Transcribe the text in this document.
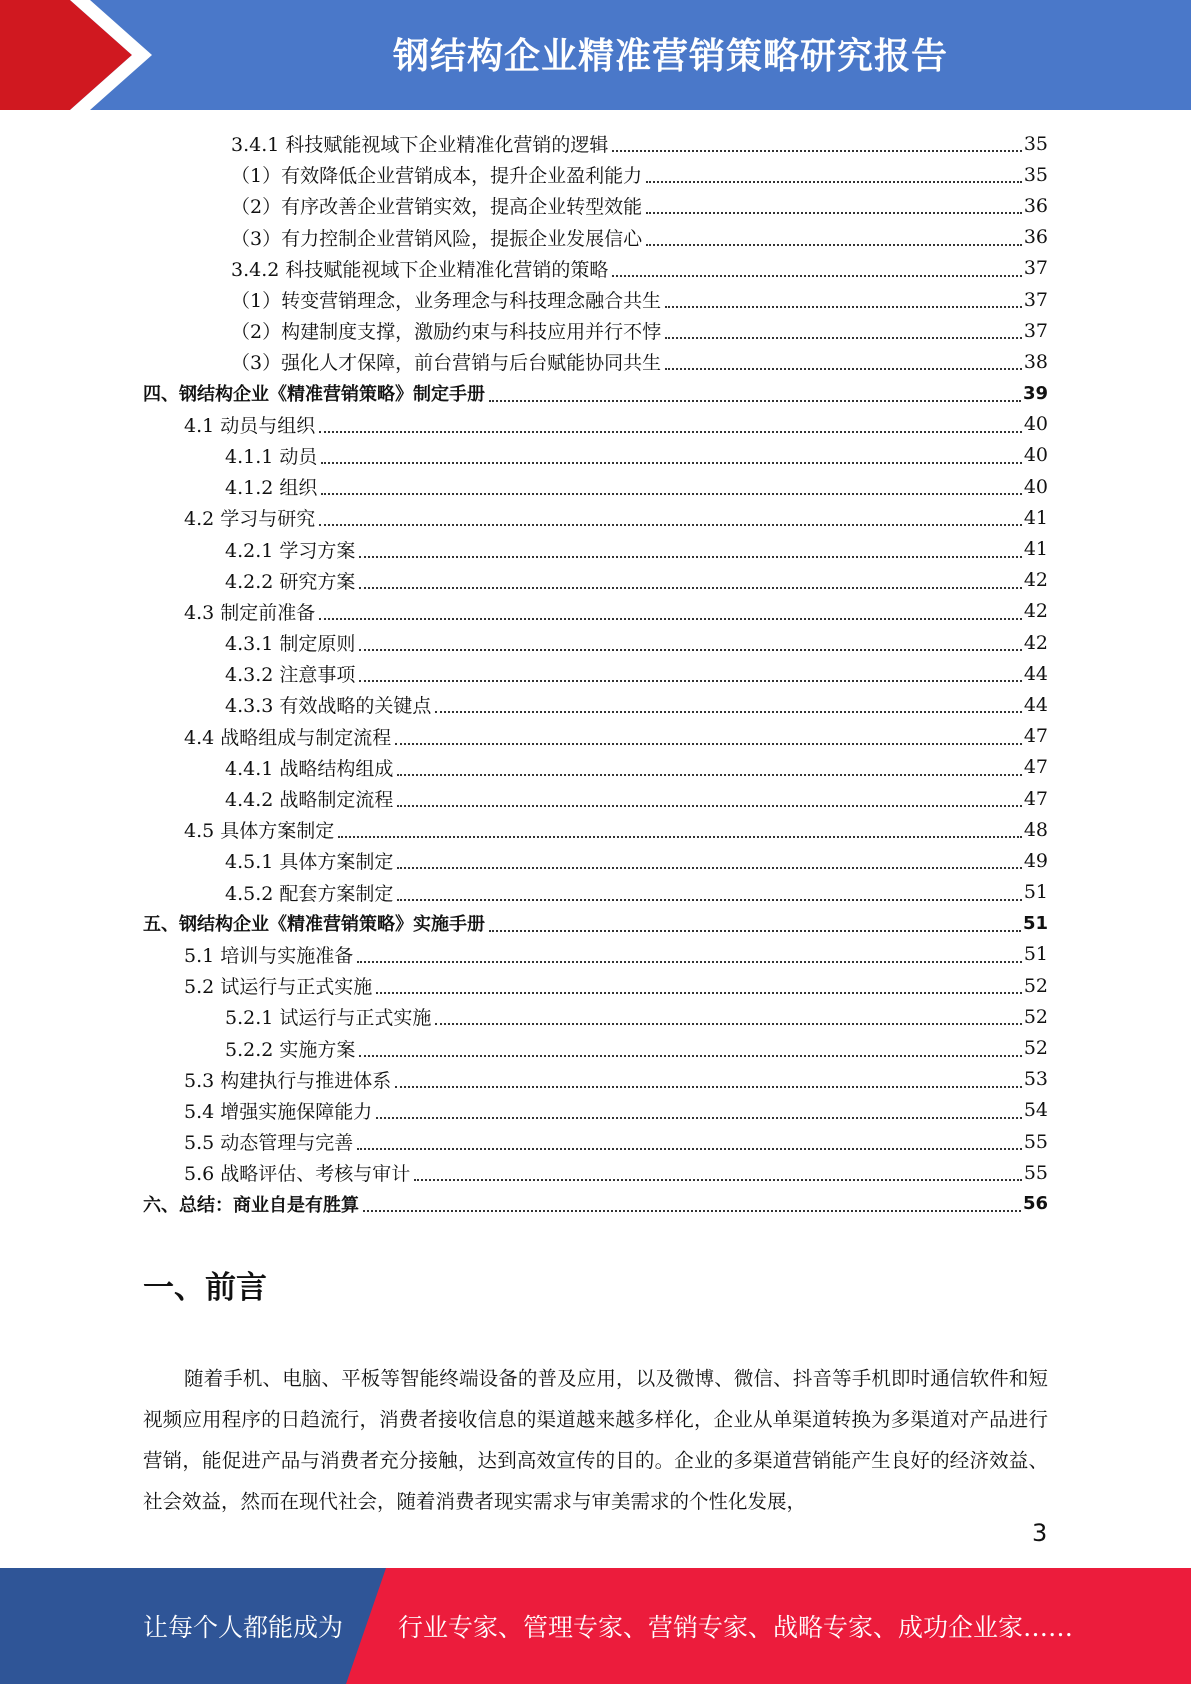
钢结构企业精准营销策略研究报告
3.4.1 科技赋能视域下企业精准化营销的逻辑	35
（1）有效降低企业营销成本，提升企业盈利能力	35
（2）有序改善企业营销实效，提高企业转型效能	36
（3）有力控制企业营销风险，提振企业发展信心	36
3.4.2 科技赋能视域下企业精准化营销的策略	37
（1）转变营销理念，业务理念与科技理念融合共生	37
（2）构建制度支撑，激励约束与科技应用并行不悖	37
（3）强化人才保障，前台营销与后台赋能协同共生	38
四、钢结构企业《精准营销策略》制定手册	39
4.1 动员与组织	40
4.1.1 动员	40
4.1.2 组织	40
4.2 学习与研究	41
4.2.1 学习方案	41
4.2.2 研究方案	42
4.3 制定前准备	42
4.3.1 制定原则	42
4.3.2 注意事项	44
4.3.3 有效战略的关键点	44
4.4 战略组成与制定流程	47
4.4.1 战略结构组成	47
4.4.2 战略制定流程	47
4.5 具体方案制定	48
4.5.1 具体方案制定	49
4.5.2 配套方案制定	51
五、钢结构企业《精准营销策略》实施手册	51
5.1 培训与实施准备	51
5.2 试运行与正式实施	52
5.2.1 试运行与正式实施	52
5.2.2 实施方案	52
5.3 构建执行与推进体系	53
5.4 增强实施保障能力	54
5.5 动态管理与完善	55
5.6 战略评估、考核与审计	55
六、总结：商业自是有胜算	56
一、前言
随着手机、电脑、平板等智能终端设备的普及应用，以及微博、微信、抖音等手机即时通信软件和短视频应用程序的日趋流行，消费者接收信息的渠道越来越多样化，企业从单渠道转换为多渠道对产品进行营销，能促进产品与消费者充分接触，达到高效宣传的目的。企业的多渠道营销能产生良好的经济效益、社会效益，然而在现代社会，随着消费者现实需求与审美需求的个性化发展，
3
让每个人都能成为 行业专家、管理专家、营销专家、战略专家、成功企业家……
